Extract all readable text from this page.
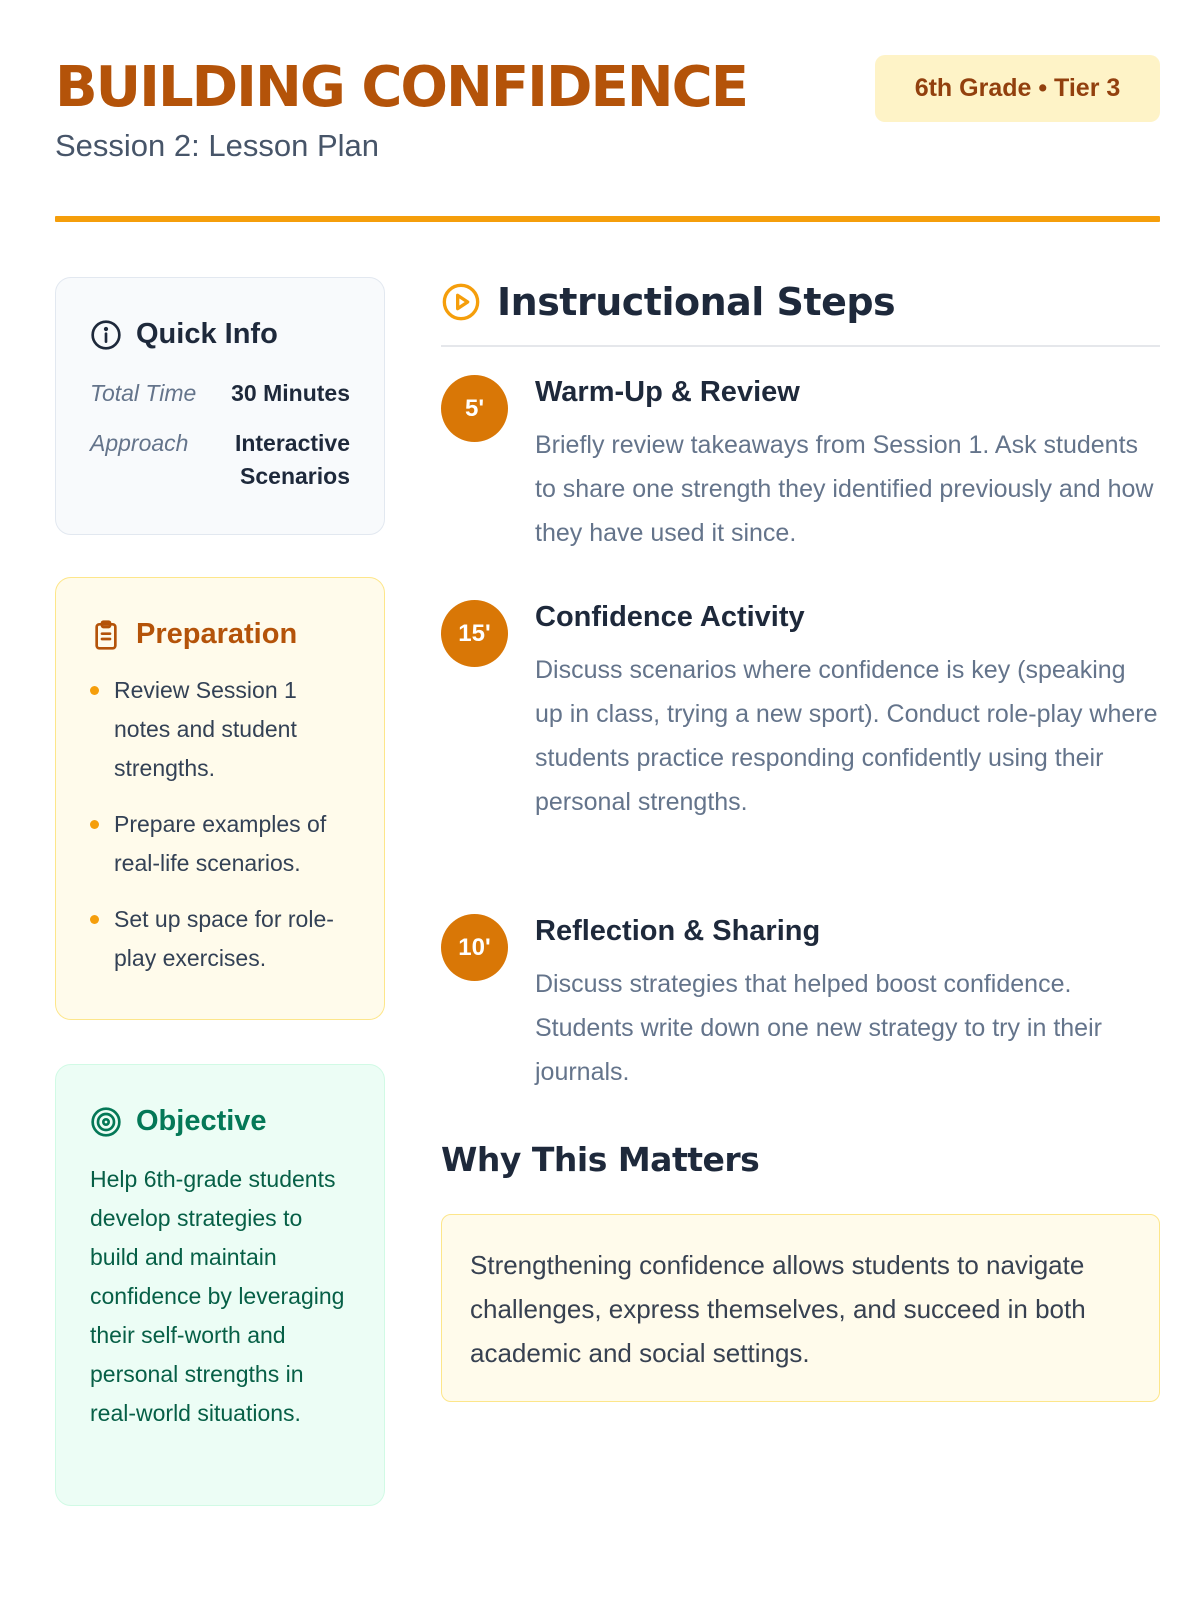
BUILDING CONFIDENCE
Session 2: Lesson Plan
6th Grade • Tier 3
Quick Info
Total Time 30 Minutes
Approach	Interactive Scenarios
Preparation
Review Session 1 notes and student strengths.
Prepare examples of real-life scenarios.
Set up space for role-play exercises.
Objective

Help 6th-grade students develop strategies to build and maintain confidence by leveraging their self-worth and personal strengths in real-world situations.

Instructional Steps
5'	Warm-Up & Review
Briefly review takeaways from Session 1. Ask students to share one strength they identified previously and how they have used it since.
15'	Confidence Activity
Discuss scenarios where confidence is key (speaking up in class, trying a new sport). Conduct role-play where students practice responding confidently using their personal strengths.
10'	Reflection & Sharing
Discuss strategies that helped boost confidence. Students write down one new strategy to try in their journals.
Why This Matters
Strengthening confidence allows students to navigate challenges, express themselves, and succeed in both academic and social settings.
